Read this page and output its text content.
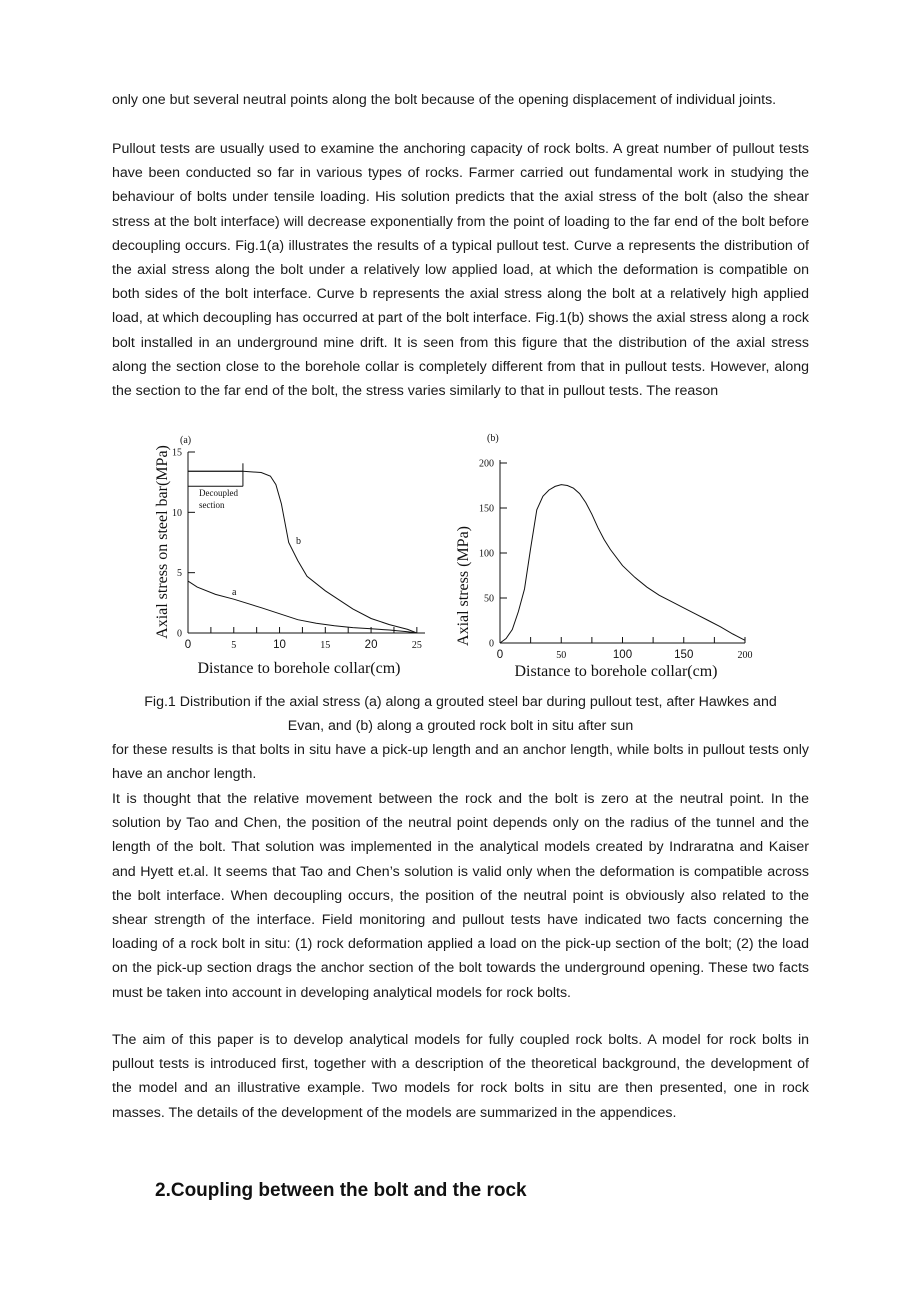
only one but several neutral points along the bolt because of the opening displacement of individual joints.

Pullout tests are usually used to examine the anchoring capacity of rock bolts. A great number of pullout tests have been conducted so far in various types of rocks. Farmer carried out fundamental work in studying the behaviour of bolts under tensile loading. His solution predicts that the axial stress of the bolt (also the shear stress at the bolt interface) will decrease exponentially from the point of loading to the far end of the bolt before decoupling occurs. Fig.1(a) illustrates the results of a typical pullout test. Curve a represents the distribution of the axial stress along the bolt under a relatively low applied load, at which the deformation is compatible on both sides of the bolt interface. Curve b represents the axial stress along the bolt at a relatively high applied load, at which decoupling has occurred at part of the bolt interface. Fig.1(b) shows the axial stress along a rock bolt installed in an underground mine drift. It is seen from this figure that the distribution of the axial stress along the section close to the borehole collar is completely different from that in pullout tests. However, along the section to the far end of the bolt, the stress varies similarly to that in pullout tests. The reason

(a)
Axial stress on steel bar(MPa)
Distance to borehole collar(cm)
0
5
10
15
0	5	10	15	20	25
Decoupled
section
a
b
(b)
Axial stress (MPa)
Distance to borehole collar(cm)
0
50
100
150
200
0	50	100	150	200

Fig.1 Distribution if the axial stress (a) along a grouted steel bar during pullout test, after Hawkes and
Evan, and (b) along a grouted rock bolt in situ after sun

for these results is that bolts in situ have a pick-up length and an anchor length, while bolts in pullout tests only have an anchor length.

It is thought that the relative movement between the rock and the bolt is zero at the neutral point. In the solution by Tao and Chen, the position of the neutral point depends only on the radius of the tunnel and the length of the bolt. That solution was implemented in the analytical models created by Indraratna and Kaiser and Hyett et.al. It seems that Tao and Chen’s solution is valid only when the deformation is compatible across the bolt interface. When decoupling occurs, the position of the neutral point is obviously also related to the shear strength of the interface. Field monitoring and pullout tests have indicated two facts concerning the loading of a rock bolt in situ: (1) rock deformation applied a load on the pick-up section of the bolt; (2) the load on the pick-up section drags the anchor section of the bolt towards the underground opening. These two facts must be taken into account in developing analytical models for rock bolts.

The aim of this paper is to develop analytical models for fully coupled rock bolts. A model for rock bolts in pullout tests is introduced first, together with a description of the theoretical background, the development of the model and an illustrative example. Two models for rock bolts in situ are then presented, one in rock masses. The details of the development of the models are summarized in the appendices.

2.Coupling between the bolt and the rock
